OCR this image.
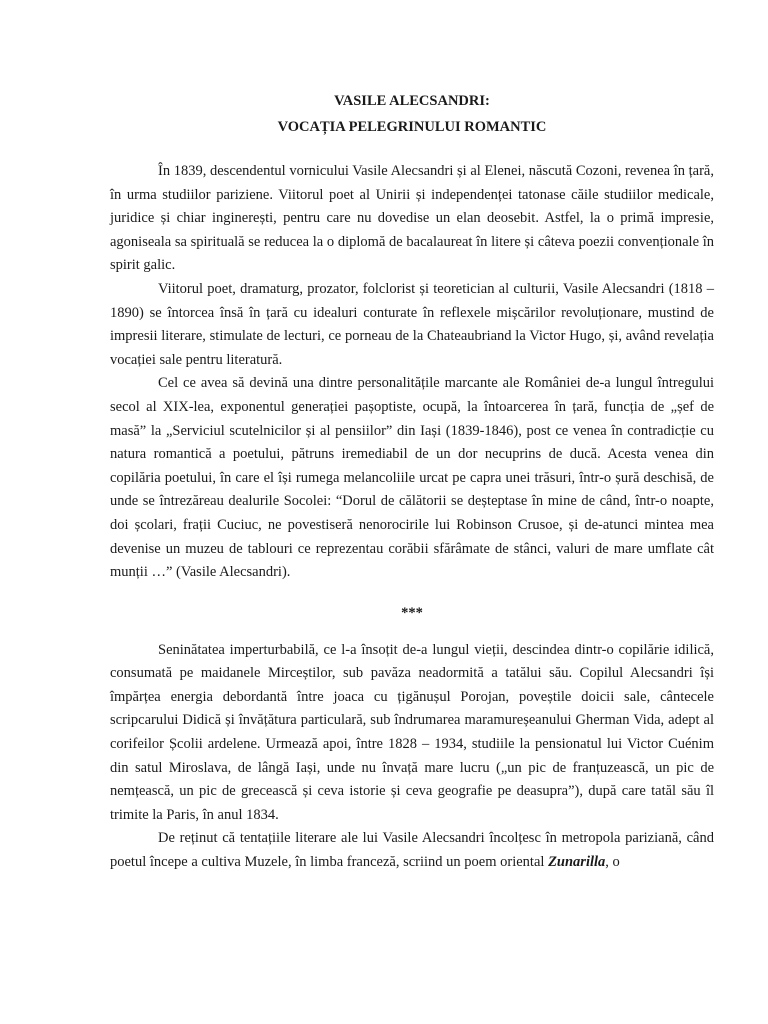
VASILE ALECSANDRI:

VOCAȚIA PELEGRINULUI ROMANTIC

În 1839, descendentul vornicului Vasile Alecsandri și al Elenei, născută Cozoni, revenea în țară, în urma studiilor pariziene. Viitorul poet al Unirii și independenței tatonase căile studiilor medicale, juridice și chiar inginerești, pentru care nu dovedise un elan deosebit. Astfel, la o primă impresie, agoniseala sa spirituală se reducea la o diplomă de bacalaureat în litere și câteva poezii convenționale în spirit galic.

Viitorul poet, dramaturg, prozator, folclorist și teoretician al culturii, Vasile Alecsandri (1818 – 1890) se întorcea însă în țară cu idealuri conturate în reflexele mișcărilor revoluționare, mustind de impresii literare, stimulate de lecturi, ce porneau de la Chateaubriand la Victor Hugo, și, având revelația vocației sale pentru literatură.

Cel ce avea să devină una dintre personalitățile marcante ale României de-a lungul întregului secol al XIX-lea, exponentul generației pașoptiste, ocupă, la întoarcerea în țară, funcția de „șef de masă” la „Serviciul scutelnicilor și al pensiilor” din Iași (1839-1846), post ce venea în contradicție cu natura romantică a poetului, pătruns iremediabil de un dor necuprins de ducă. Acesta venea din copilăria poetului, în care el își rumega melancoliile urcat pe capra unei trăsuri, într-o șură deschisă, de unde se întrezăreau dealurile Socolei: “Dorul de călătorii se deșteptase în mine de când, într-o noapte, doi școlari, frații Cuciuc, ne povestiseră nenorocirile lui Robinson Crusoe, și de-atunci mintea mea devenise un muzeu de tablouri ce reprezentau corăbii sfărâmate de stânci, valuri de mare umflate cât munții …” (Vasile Alecsandri).

***

Seninătatea imperturbabilă, ce l-a însoțit de-a lungul vieții, descindea dintr-o copilărie idilică, consumată pe maidanele Mirceștilor, sub pavăza neadormită a tatălui său. Copilul Alecsandri își împărțea energia debordantă între joaca cu țigănușul Porojan, poveștile doicii sale, cântecele scripcarului Didică și învățătura particulară, sub îndrumarea maramureșeanului Gherman Vida, adept al corifeilor Școlii ardelene. Urmează apoi, între 1828 – 1934, studiile la pensionatul lui Victor Cuénim din satul Miroslava, de lângă Iași, unde nu învață mare lucru („un pic de franțuzească, un pic de nemțească, un pic de grecească și ceva istorie și ceva geografie pe deasupra”), după care tatăl său îl trimite la Paris, în anul 1834.

De reținut că tentațiile literare ale lui Vasile Alecsandri încolțesc în metropola pariziană, când poetul începe a cultiva Muzele, în limba franceză, scriind un poem oriental Zunarilla, o
